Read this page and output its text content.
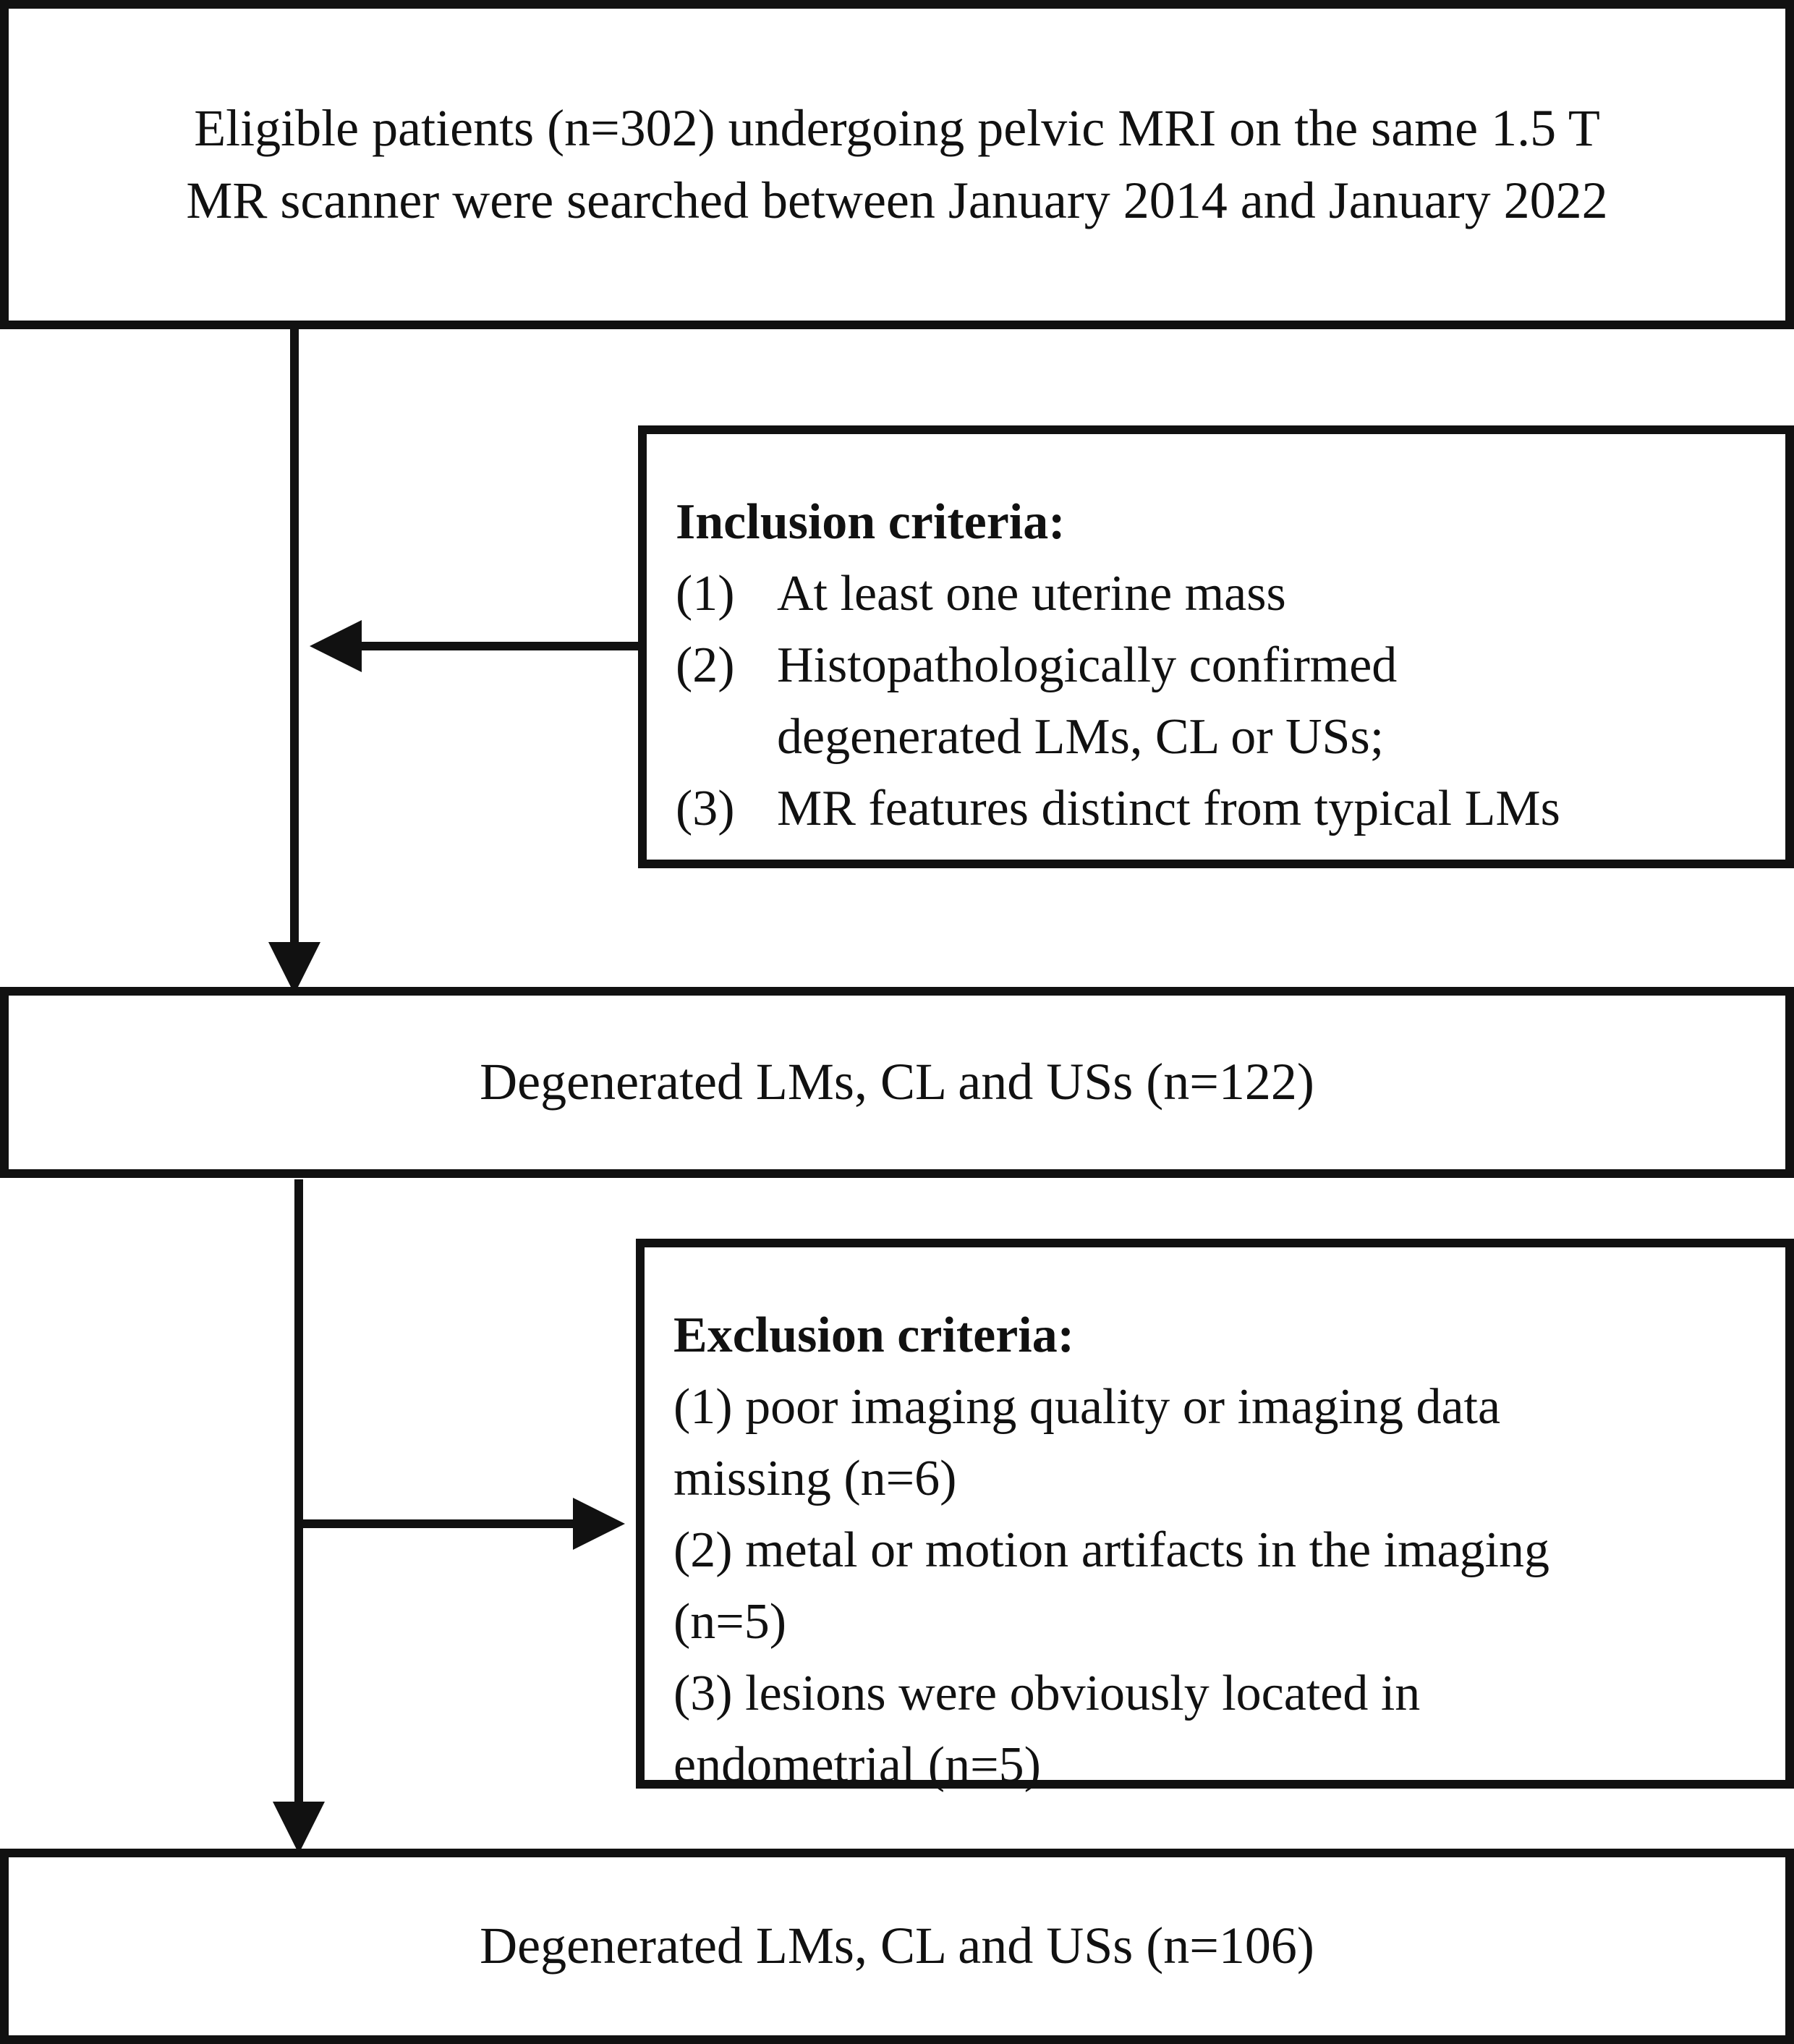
Eligible patients (n=302) undergoing pelvic MRI on the same 1.5 T
MR scanner were searched between January 2014 and January 2022
Inclusion criteria:
(1) At least one uterine mass
(2) Histopathologically confirmed
degenerated LMs, CL or USs;
(3) MR features distinct from typical LMs
Degenerated LMs, CL and USs (n=122)
Exclusion criteria:
(1) poor imaging quality or imaging data
missing (n=6)
(2) metal or motion artifacts in the imaging
(n=5)
(3) lesions were obviously located in
endometrial (n=5)
Degenerated LMs, CL and USs (n=106)
